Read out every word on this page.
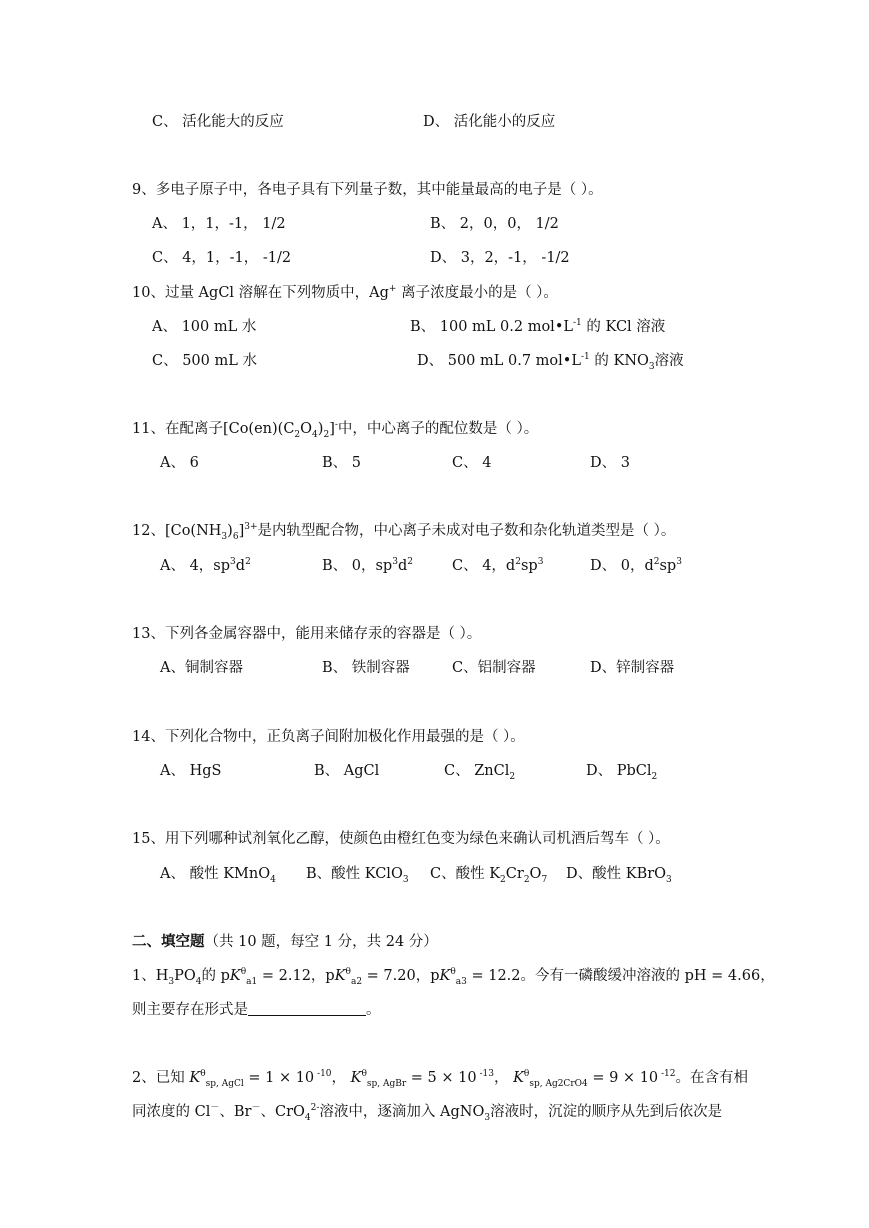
C、 活化能大的反应	D、 活化能小的反应
9、多电子原子中，各电子具有下列量子数，其中能量最高的电子是（ ）。
A、 1，1，-1， 1/2	B、 2，0，0， 1/2
C、 4，1，-1， -1/2	D、 3，2，-1， -1/2
10、过量 AgCl 溶解在下列物质中，Ag+ 离子浓度最小的是（ ）。
A、 100 mL 水	B、 100 mL 0.2 $mol•L^{-1}$ 的 KCl 溶液
C、 500 mL 水	D、 500 mL 0.7 $mol•L^{-1}$ 的 $KNO_3$溶液
11、在配离子$[Co(en)(C_2O_4)_2]^-$中，中心离子的配位数是（ ）。
A、 6	B、 5	C、 4	D、 3
12、$[Co(NH_3)_6]^{3+}$是内轨型配合物，中心离子未成对电子数和杂化轨道类型是（ ）。
A、 4，$sp^3d^2$	B、 0，$sp^3d^2$	C、 4，$d^2sp^3$	D、 0，$d^2sp^3$
13、下列各金属容器中，能用来储存汞的容器是（ ）。
A、铜制容器	B、 铁制容器	C、铝制容器	D、锌制容器
14、下列化合物中，正负离子间附加极化作用最强的是（ ）。
A、 HgS	B、 AgCl	C、 ZnCl$_2$	D、 PbCl$_2$
15、用下列哪种试剂氧化乙醇，使颜色由橙红色变为绿色来确认司机酒后驾车（ ）。
A、 酸性 KMnO$_4$ B、酸性 KClO$_3$ C、酸性 $K_2Cr_2O_7$ D、酸性 KBrO$_3$
二、填空题（共 10 题，每空 1 分，共 24 分）
1、$H_3PO_4$的 $pK^\theta_{a1} = 2.12$，$pK^\theta_{a2} = 7.20$，$pK^\theta_{a3} = 12.2$。今有一磷酸缓冲溶液的 pH = 4.66，
则主要存在形式是	。
2、已知 $K^\theta_{sp, AgCl} = 1 \times 10$ $^{-10}$， $K^\theta_{sp, AgBr} = 5 \times 10$ $^{-13}$， $K^\theta_{sp, Ag2CrO4} = 9 \times 10$ $^{-12}$。在含有相
同浓度的 Cl－、Br－、CrO$_4^{2-}$溶液中，逐滴加入 AgNO$_3$溶液时，沉淀的顺序从先到后依次是
